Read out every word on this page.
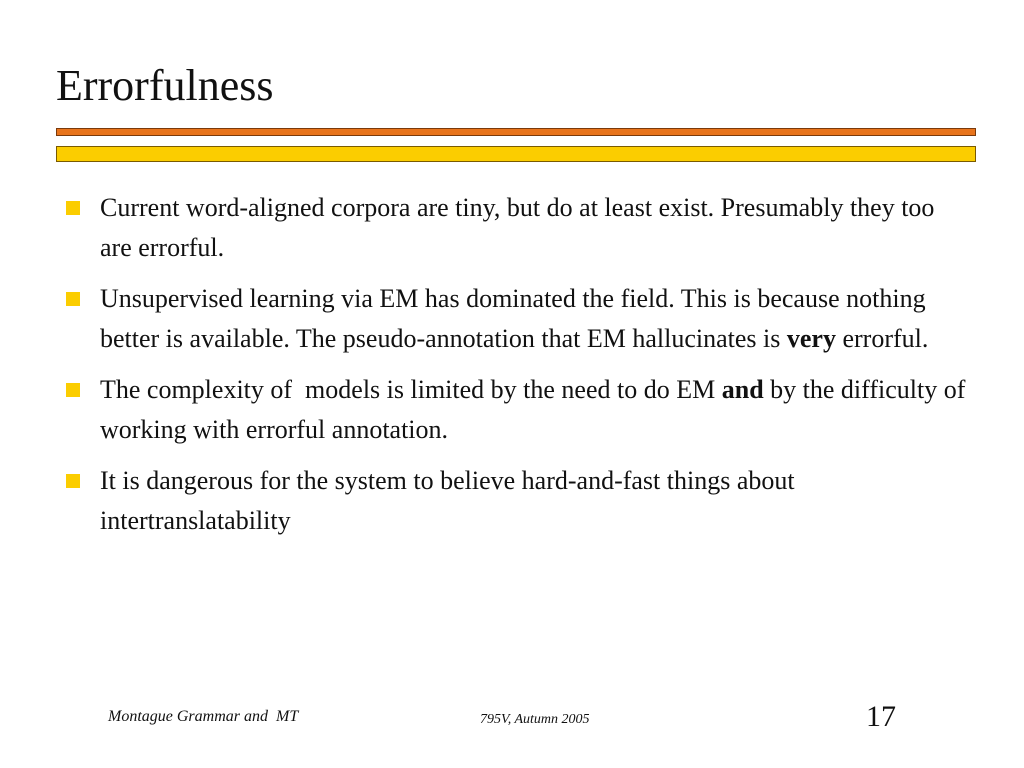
Errorfulness
Current word-aligned corpora are tiny, but do at least exist. Presumably they too are errorful.
Unsupervised learning via EM has dominated the field. This is because nothing better is available. The pseudo-annotation that EM hallucinates is very errorful.
The complexity of  models is limited by the need to do EM and by the difficulty of  working with errorful annotation.
It is dangerous for the system to believe hard-and-fast things about intertranslatability
Montague Grammar and  MT	795V, Autumn 2005	17
